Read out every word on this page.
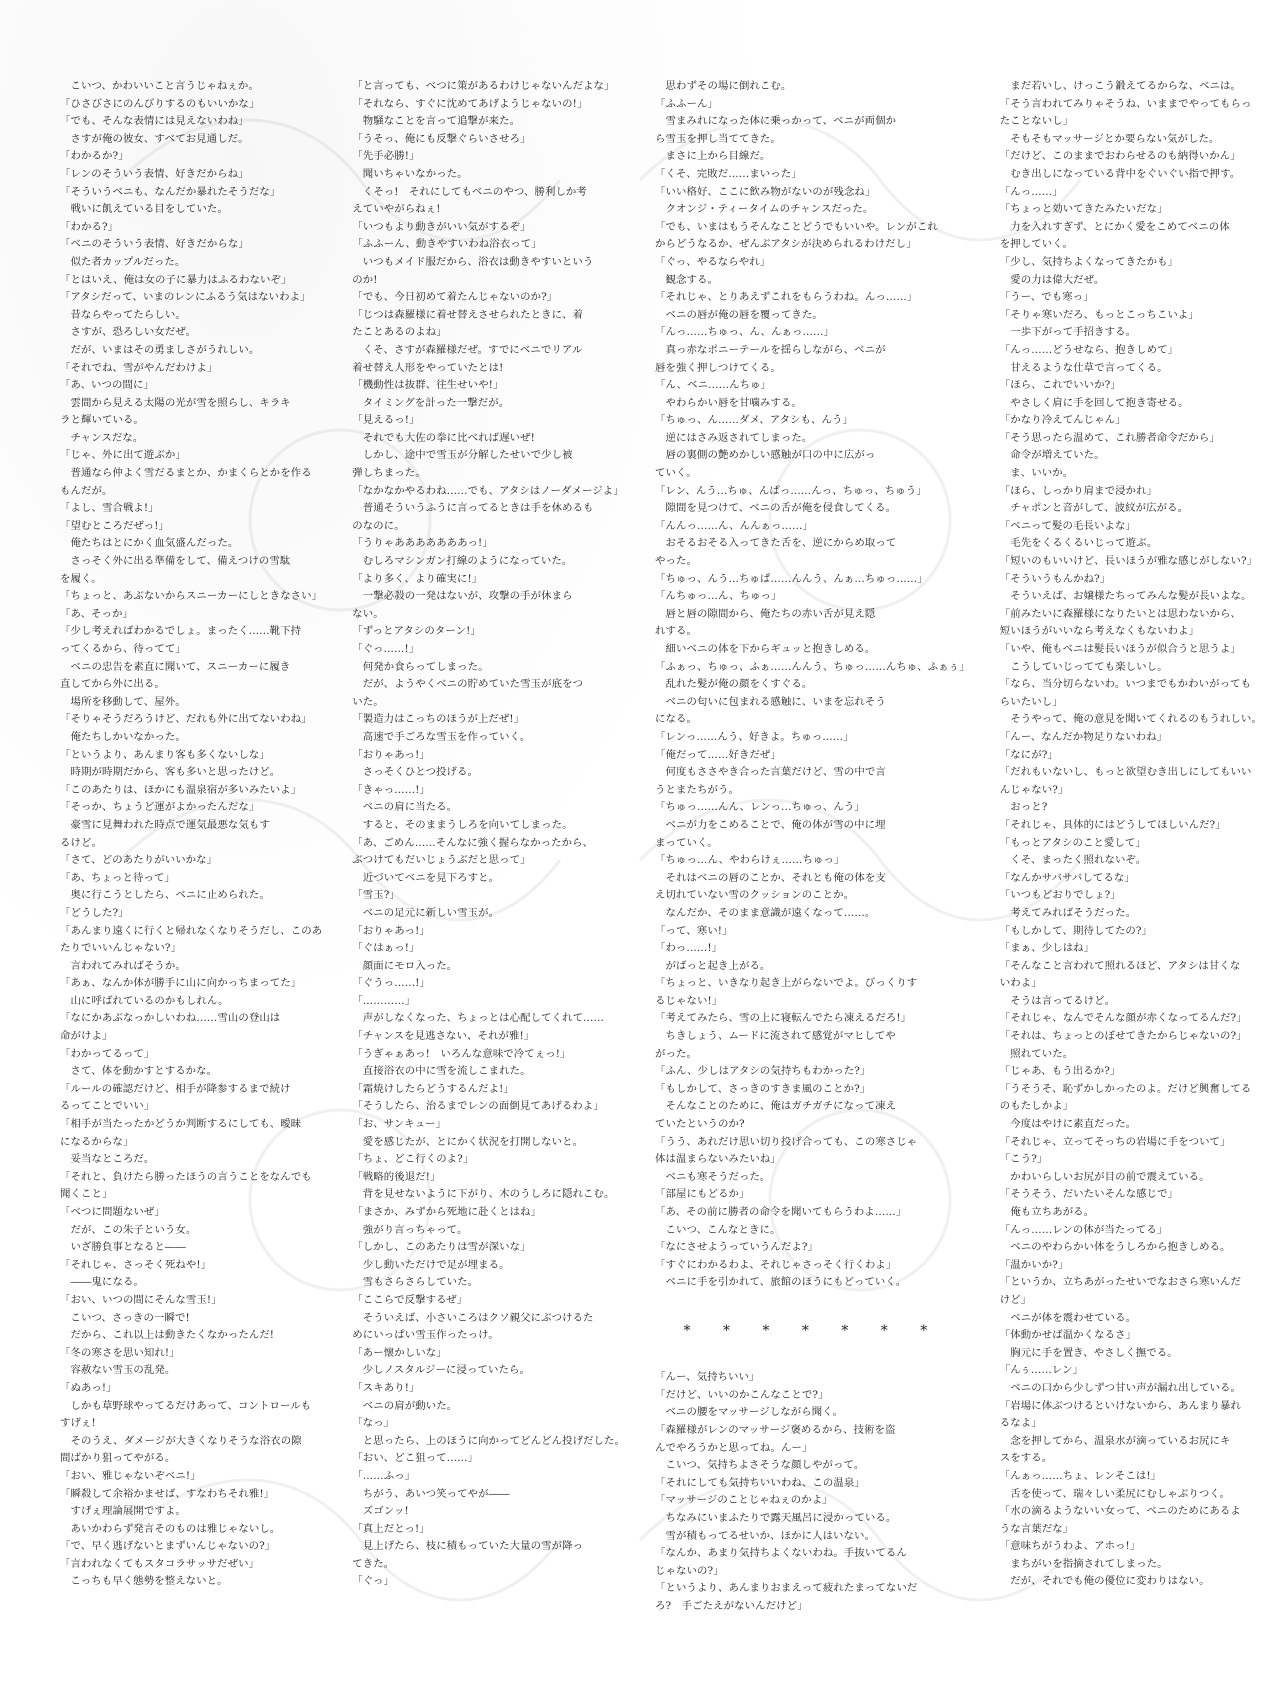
　こいつ、かわいいこと言うじゃねぇか。
「ひさびさにのんびりするのもいいかな」
「でも、そんな表情には見えないわね」
　さすが俺の彼女、すべてお見通しだ。
「わかるか?」
「レンのそういう表情、好きだからね」
「そういうベニも、なんだか暴れたそうだな」
　戦いに飢えている目をしていた。
「わかる?」
「ベニのそういう表情、好きだからな」
　似た者カップルだった。
「とはいえ、俺は女の子に暴力はふるわないぞ」
「アタシだって、いまのレンにふるう気はないわよ」
　昔ならやってたらしい。
　さすが、恐ろしい女だぜ。
　だが、いまはその勇ましさがうれしい。
「それでね、雪がやんだわけよ」
「あ、いつの間に」
　雲間から見える太陽の光が雪を照らし、キラキ
ラと輝いている。
　チャンスだな。
「じゃ、外に出て遊ぶか」
　普通なら仲よく雪だるまとか、かまくらとかを作る
もんだが。
「よし、雪合戦よ!」
「望むところだぜっ!」
　俺たちはとにかく血気盛んだった。
　さっそく外に出る準備をして、備えつけの雪駄
を履く。
「ちょっと、あぶないからスニーカーにしときなさい」
「あ、そっか」
「少し考えればわかるでしょ。まったく……靴下持
ってくるから、待ってて」
　ベニの忠告を素直に聞いて、スニーカーに履き
直してから外に出る。
　場所を移動して、屋外。
「そりゃそうだろうけど、だれも外に出てないわね」
　俺たちしかいなかった。
「というより、あんまり客も多くないしな」
　時期が時期だから、客も多いと思ったけど。
「このあたりは、ほかにも温泉宿が多いみたいよ」
「そっか、ちょうど運がよかったんだな」
　豪雪に見舞われた時点で運気最悪な気もす
るけど。
「さて、どのあたりがいいかな」
「あ、ちょっと待って」
　奥に行こうとしたら、ベニに止められた。
「どうした?」
「あんまり遠くに行くと帰れなくなりそうだし、このあ
たりでいいんじゃない?」
　言われてみればそうか。
「あぁ、なんか体が勝手に山に向かっちまってた」
　山に呼ばれているのかもしれん。
「なにかあぶなっかしいわね……雪山の登山は
命がけよ」
「わかってるって」
　さて、体を動かすとするかな。
「ルールの確認だけど、相手が降参するまで続け
るってことでいい」
「相手が当たったかどうか判断するにしても、曖昧
になるからな」
　妥当なところだ。
「それと、負けたら勝ったほうの言うことをなんでも
聞くこと」
「べつに問題ないぜ」
　だが、この朱子という女。
　いざ勝負事となると――
「それじゃ、さっそく死ねや!」
　――鬼になる。
「おい、いつの間にそんな雪玉!」
　こいつ、さっきの一瞬で!
　だから、これ以上は動きたくなかったんだ!
「冬の寒さを思い知れ!」
　容赦ない雪玉の乱発。
「ぬあっ!」
　しかも草野球やってるだけあって、コントロールも
すげぇ!
　そのうえ、ダメージが大きくなりそうな浴衣の隙
間ばかり狙ってやがる。
「おい、雅じゃないぞベニ!」
「瞬殺して余裕かませば、すなわちそれ雅!」
　すげぇ理論展開ですよ。
　あいかわらず発言そのものは雅じゃないし。
「で、早く逃げないとまずいんじゃないの?」
「言われなくてもスタコラサッサだぜい」
　こっちも早く態勢を整えないと。
「と言っても、べつに策があるわけじゃないんだよな」
「それなら、すぐに沈めてあげようじゃないの!」
　物騒なことを言って追撃が来た。
「うそっ、俺にも反撃ぐらいさせろ」
「先手必勝!」
　聞いちゃいなかった。
　くそっ!　それにしてもベニのやつ、勝利しか考
えていやがらねぇ!
「いつもより動きがいい気がするぞ」
「ふふーん、動きやすいわね浴衣って」
　いつもメイド服だから、浴衣は動きやすいという
のか!
「でも、今日初めて着たんじゃないのか?」
「じつは森羅様に着せ替えさせられたときに、着
たことあるのよね」
　くそ、さすが森羅様だぜ。すでにベニでリアル
着せ替え人形をやっていたとは!
「機動性は抜群、往生せいや!」
　タイミングを計った一撃だが。
「見えるっ!」
　それでも大佐の拳に比べれば遅いぜ!
　しかし、途中で雪玉が分解したせいで少し被
弾しちまった。
「なかなかやるわね……でも、アタシはノーダメージよ」
　普通そういうふうに言ってるときは手を休めるも
のなのに。
「うりゃあああああああっ!」
　むしろマシンガン打線のようになっていた。
「より多く、より確実に!」
　一撃必殺の一発はないが、攻撃の手が休まら
ない。
「ずっとアタシのターン!」
「ぐっ……!」
　何発か食らってしまった。
　だが、ようやくベニの貯めていた雪玉が底をつ
いた。
「製造力はこっちのほうが上だぜ!」
　高速で手ごろな雪玉を作っていく。
「おりゃあっ!」
　さっそくひとつ投げる。
「きゃっ……!」
　ベニの肩に当たる。
　すると、そのままうしろを向いてしまった。
「あ、ごめん……そんなに強く握らなかったから、
ぶつけてもだいじょうぶだと思って」
　近づいてベニを見下ろすと。
「雪玉?」
　ベニの足元に新しい雪玉が。
「おりゃあっ!」
「ぐはぁっ!」
　顔面にモロ入った。
「ぐうっ……!」
「…………」
　声がしなくなった、ちょっとは心配してくれて……
「チャンスを見逃さない、それが雅!」
「うぎゃぁあっ!　いろんな意味で冷てぇっ!」
　直接浴衣の中に雪を流しこまれた。
「霜焼けしたらどうするんだよ!」
「そうしたら、治るまでレンの面倒見てあげるわよ」
「お、サンキュー」
　愛を感じたが、とにかく状況を打開しないと。
「ちょ、どこ行くのよ?」
「戦略的後退だ!」
　背を見せないように下がり、木のうしろに隠れこむ。
「まさか、みずから死地に赴くとはね」
　強がり言っちゃって。
「しかし、このあたりは雪が深いな」
　少し動いただけで足が埋まる。
　雪もさらさらしていた。
「ここらで反撃するぜ」
　そういえば、小さいころはクソ親父にぶつけるた
めにいっぱい雪玉作ったっけ。
「あー懐かしいな」
　少しノスタルジーに浸っていたら。
「スキあり!」
　ベニの肩が動いた。
「なっ」
　と思ったら、上のほうに向かってどんどん投げだした。
「おい、どこ狙って……」
「……ふっ」
　ちがう、あいつ笑ってやが――
　ズゴンッ!
「真上だとっ!」
　見上げたら、枝に積もっていた大量の雪が降っ
てきた。
「ぐっ」
　思わずその場に倒れこむ。
「ふふーん」
　雪まみれになった体に乗っかって、ベニが両個か
ら雪玉を押し当ててきた。
　まさに上から目線だ。
「くそ、完敗だ……まいった」
「いい格好、ここに飲み物がないのが残念ね」
　クオンジ・ティータイムのチャンスだった。
「でも、いまはもうそんなことどうでもいいや。レンがこれ
からどうなるか、ぜんぶアタシが決められるわけだし」
「ぐっ、やるならやれ」
　観念する。
「それじゃ、とりあえずこれをもらうわね。んっ……」
　ベニの唇が俺の唇を覆ってきた。
「んっ……ちゅっ、ん、んぁっ……」
　真っ赤なポニーテールを揺らしながら、ベニが
唇を強く押しつけてくる。
「ん、ベニ……んちゅ」
　やわらかい唇を甘噛みする。
「ちゅっ、ん……ダメ、アタシも、んう」
　逆にはさみ返されてしまった。
　唇の裏側の艶めかしい感触が口の中に広がっ
ていく。
「レン、んう…ちゅ、んぱっ……んっ、ちゅっ、ちゅう」
　隙間を見つけて、ベニの舌が俺を侵食してくる。
「んんっ……ん、んんぁっ……」
　おそるおそる入ってきた舌を、逆にからめ取って
やった。
「ちゅっ、んう…ちゅぱ……んんう、んぁ…ちゅっ……」
「んちゅっ…ん、ちゅっ」
　唇と唇の隙間から、俺たちの赤い舌が見え隠
れする。
　細いベニの体を下からギュッと抱きしめる。
「ふぁっ、ちゅっ、ふぁ……んんう、ちゅっ……んちゅ、ふぁぅ」
　乱れた髪が俺の顔をくすぐる。
　ベニの匂いに包まれる感触に、いまを忘れそう
になる。
「レンっ……んう、好きよ。ちゅっ……」
「俺だって……好きだぜ」
　何度もささやき合った言葉だけど、雪の中で言
うとまたちがう。
「ちゅっ……んん、レンっ…ちゅっ、んう」
　ベニが力をこめることで、俺の体が雪の中に埋
まっていく。
「ちゅっ…ん、やわらけぇ……ちゅっ」
　それはベニの唇のことか、それとも俺の体を支
え切れていない雪のクッションのことか。
　なんだか、そのまま意識が遠くなって……。
「って、寒い!」
「わっ……!」
　がばっと起き上がる。
「ちょっと、いきなり起き上がらないでよ。びっくりす
るじゃない!」
「考えてみたら、雪の上に寝転んでたら凍えるだろ!」
　ちきしょう、ムードに流されて感覚がマヒしてや
がった。
「ふん、少しはアタシの気持ちもわかった?」
「もしかして、さっきのすきま風のことか?」
　そんなことのために、俺はガチガチになって凍え
ていたというのか?
「うう、あれだけ思い切り投げ合っても、この寒さじゃ
体は温まらないみたいね」
　ベニも寒そうだった。
「部屋にもどるか」
「あ、その前に勝者の命令を聞いてもらうわよ……」
　こいつ、こんなときに。
「なにさせようっていうんだよ?」
「すぐにわかるわよ、それじゃさっそく行くわよ」
　ベニに手を引かれて、旅館のほうにもどっていく。
* * * * * * *
「んー、気持ちいい」
「だけど、いいのかこんなことで?」
　ベニの腰をマッサージしながら聞く。
「森羅様がレンのマッサージ褒めるから、技術を盗
んでやろうかと思ってね。んー」
　こいつ、気持ちよさそうな顔しやがって。
「それにしても気持ちいいわね、この温泉」
「マッサージのことじゃねぇのかよ」
　ちなみにいまふたりで露天風呂に浸かっている。
　雪が積もってるせいか、ほかに人はいない。
「なんか、あまり気持ちよくないわね。手抜いてるん
じゃないの?」
「というより、あんまりおまえって疲れたまってないだ
ろ?　手ごたえがないんだけど」
　まだ若いし、けっこう鍛えてるからな、ベニは。
「そう言われてみりゃそうね、いままでやってもらっ
たことないし」
　そもそもマッサージとか要らない気がした。
「だけど、このままでおわらせるのも納得いかん」
　むき出しになっている背中をぐいぐい指で押す。
「んっ……」
「ちょっと効いてきたみたいだな」
　力を入れすぎず、とにかく愛をこめてベニの体
を押していく。
「少し、気持ちよくなってきたかも」
　愛の力は偉大だぜ。
「うー、でも寒っ」
「そりゃ寒いだろ、もっとこっちこいよ」
　一歩下がって手招きする。
「んっ……どうせなら、抱きしめて」
　甘えるような仕草で言ってくる。
「ほら、これでいいか?」
　やさしく肩に手を回して抱き寄せる。
「かなり冷えてんじゃん」
「そう思ったら温めて、これ勝者命令だから」
　命令が増えていた。
　ま、いいか。
「ほら、しっかり肩まで浸かれ」
　チャポンと音がして、波紋が広がる。
「ベニって髪の毛長いよな」
　毛先をくるくるいじって遊ぶ。
「短いのもいいけど、長いほうが雅な感じがしない?」
「そういうもんかね?」
　そういえば、お嬢様たちってみんな髪が長いよな。
「前みたいに森羅様になりたいとは思わないから、
短いほうがいいなら考えなくもないわよ」
「いや、俺もベニは髪長いほうが似合うと思うよ」
　こうしていじってても楽しいし。
「なら、当分切らないわ。いつまでもかわいがっても
らいたいし」
　そうやって、俺の意見を聞いてくれるのもうれしい。
「んー、なんだか物足りないわね」
「なにが?」
「だれもいないし、もっと欲望むき出しにしてもいい
んじゃない?」
　おっと?
「それじゃ、具体的にはどうしてほしいんだ?」
「もっとアタシのこと愛して」
　くそ、まったく照れないぞ。
「なんかサバサバしてるな」
「いつもどおりでしょ?」
　考えてみればそうだった。
「もしかして、期待してたの?」
「まぁ、少しはね」
「そんなこと言われて照れるほど、アタシは甘くな
いわよ」
　そうは言ってるけど。
「それじゃ、なんでそんな顔が赤くなってるんだ?」
「それは、ちょっとのぼせてきたからじゃないの?」
　照れていた。
「じゃあ、もう出るか?」
「うそうそ、恥ずかしかったのよ。だけど興奮してる
のもたしかよ」
　今度はやけに素直だった。
「それじゃ、立ってそっちの岩場に手をついて」
「こう?」
　かわいらしいお尻が目の前で震えている。
「そうそう、だいたいそんな感じで」
　俺も立ちあがる。
「んっ……レンの体が当たってる」
　ベニのやわらかい体をうしろから抱きしめる。
「温かいか?」
「というか、立ちあがったせいでなおさら寒いんだ
けど」
　ベニが体を震わせている。
「体動かせば温かくなるさ」
　胸元に手を置き、やさしく撫でる。
「んぅ……レン」
　ベニの口から少しずつ甘い声が漏れ出している。
「岩場に体ぶつけるといけないから、あんまり暴れ
るなよ」
　念を押してから、温泉水が滴っているお尻にキ
スをする。
「んぁっ……ちょ、レンそこは!」
　舌を使って、瑞々しい柔尻にむしゃぶりつく。
「水の滴るようないい女って、ベニのためにあるよ
うな言葉だな」
「意味ちがうわよ、アホっ!」
　まちがいを指摘されてしまった。
　だが、それでも俺の優位に変わりはない。
